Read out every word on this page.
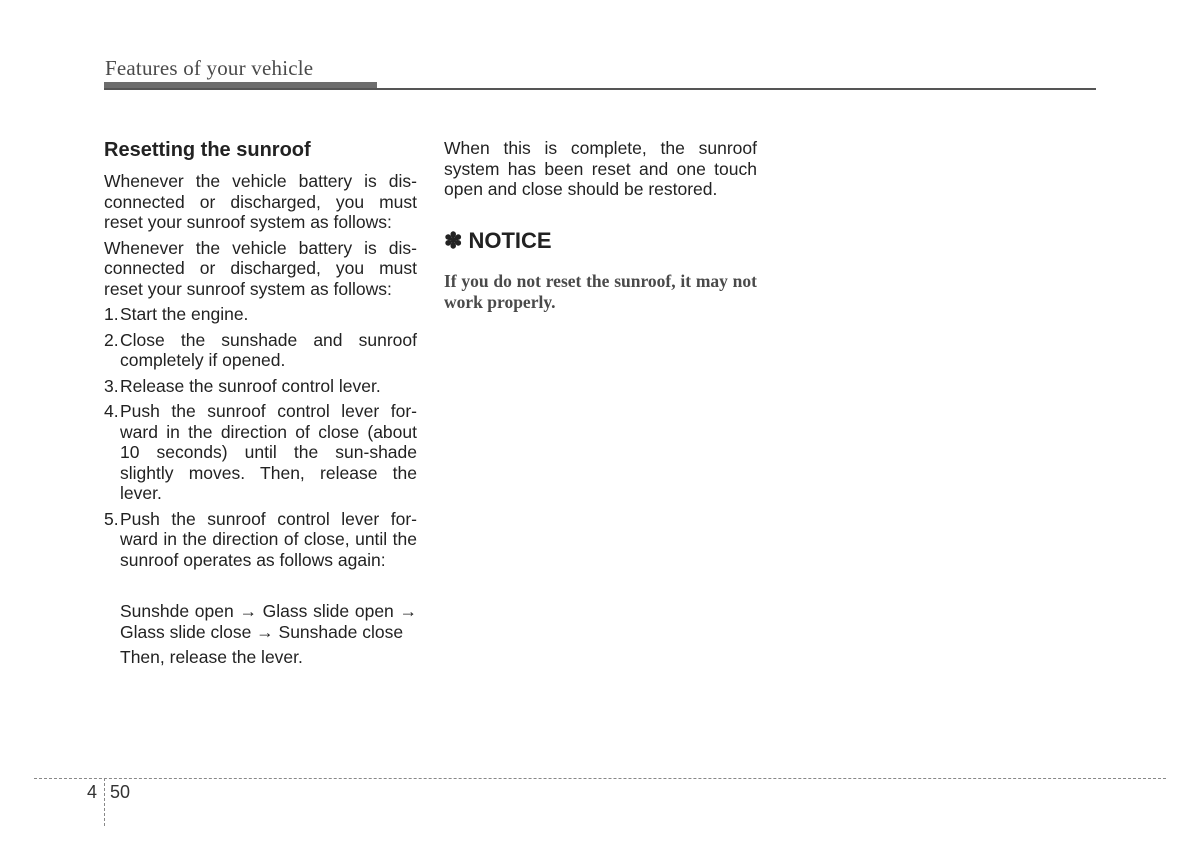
Features of your vehicle
Resetting the sunroof

Whenever the vehicle battery is dis-connected or discharged, you must reset your sunroof system as follows:

Whenever the vehicle battery is dis-connected or discharged, you must reset your sunroof system as follows:

1. Start the engine.
2. Close the sunshade and sunroof completely if opened.
3. Release the sunroof control lever.
4. Push the sunroof control lever for-ward in the direction of close (about 10 seconds) until the sun-shade slightly moves. Then, release the lever.
5. Push the sunroof control lever for-ward in the direction of close, until the sunroof operates as follows again:

Sunshde open → Glass slide open → Glass slide close → Sunshade close

Then, release the lever.

When this is complete, the sunroof system has been reset and one touch open and close should be restored.

✽ NOTICE

If you do not reset the sunroof, it may not work properly.

4 50
